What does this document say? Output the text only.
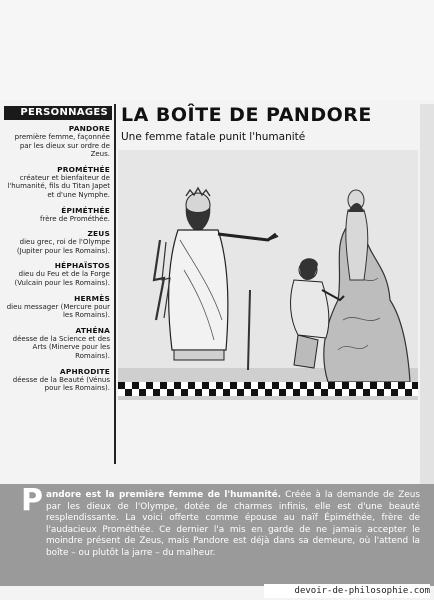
PERSONNAGES
PANDORE
première femme, façonnée par les dieux sur ordre de Zeus.
PROMÉTHÉE
créateur et bienfaiteur de l'humanité, fils du Titan Japet et d'une Nymphe.
ÉPIMÉTHÉE
frère de Prométhée.
ZEUS
dieu grec, roi de l'Olympe (Jupiter pour les Romains).
HÉPHAÏSTOS
dieu du Feu et de la Forge (Vulcain pour les Romains).
HERMÈS
dieu messager (Mercure pour les Romains).
ATHÉNA
déesse de la Science et des Arts (Minerve pour les Romains).
APHRODITE
déesse de la Beauté (Vénus pour les Romains).
LA BOÎTE DE PANDORE
Une femme fatale punit l'humanité
P andore est la première femme de l'humanité. Créée à la demande de Zeus par les dieux de l'Olympe, dotée de charmes infinis, elle est d'une beauté resplendissante. La voici offerte comme épouse au naïf Épiméthée, frère de l'audacieux Prométhée. Ce dernier l'a mis en garde de ne jamais accepter le moindre présent de Zeus, mais Pandore est déjà dans sa demeure, où l'attend la boîte – ou plutôt la jarre – du malheur.

devoir-de-philosophie.com
